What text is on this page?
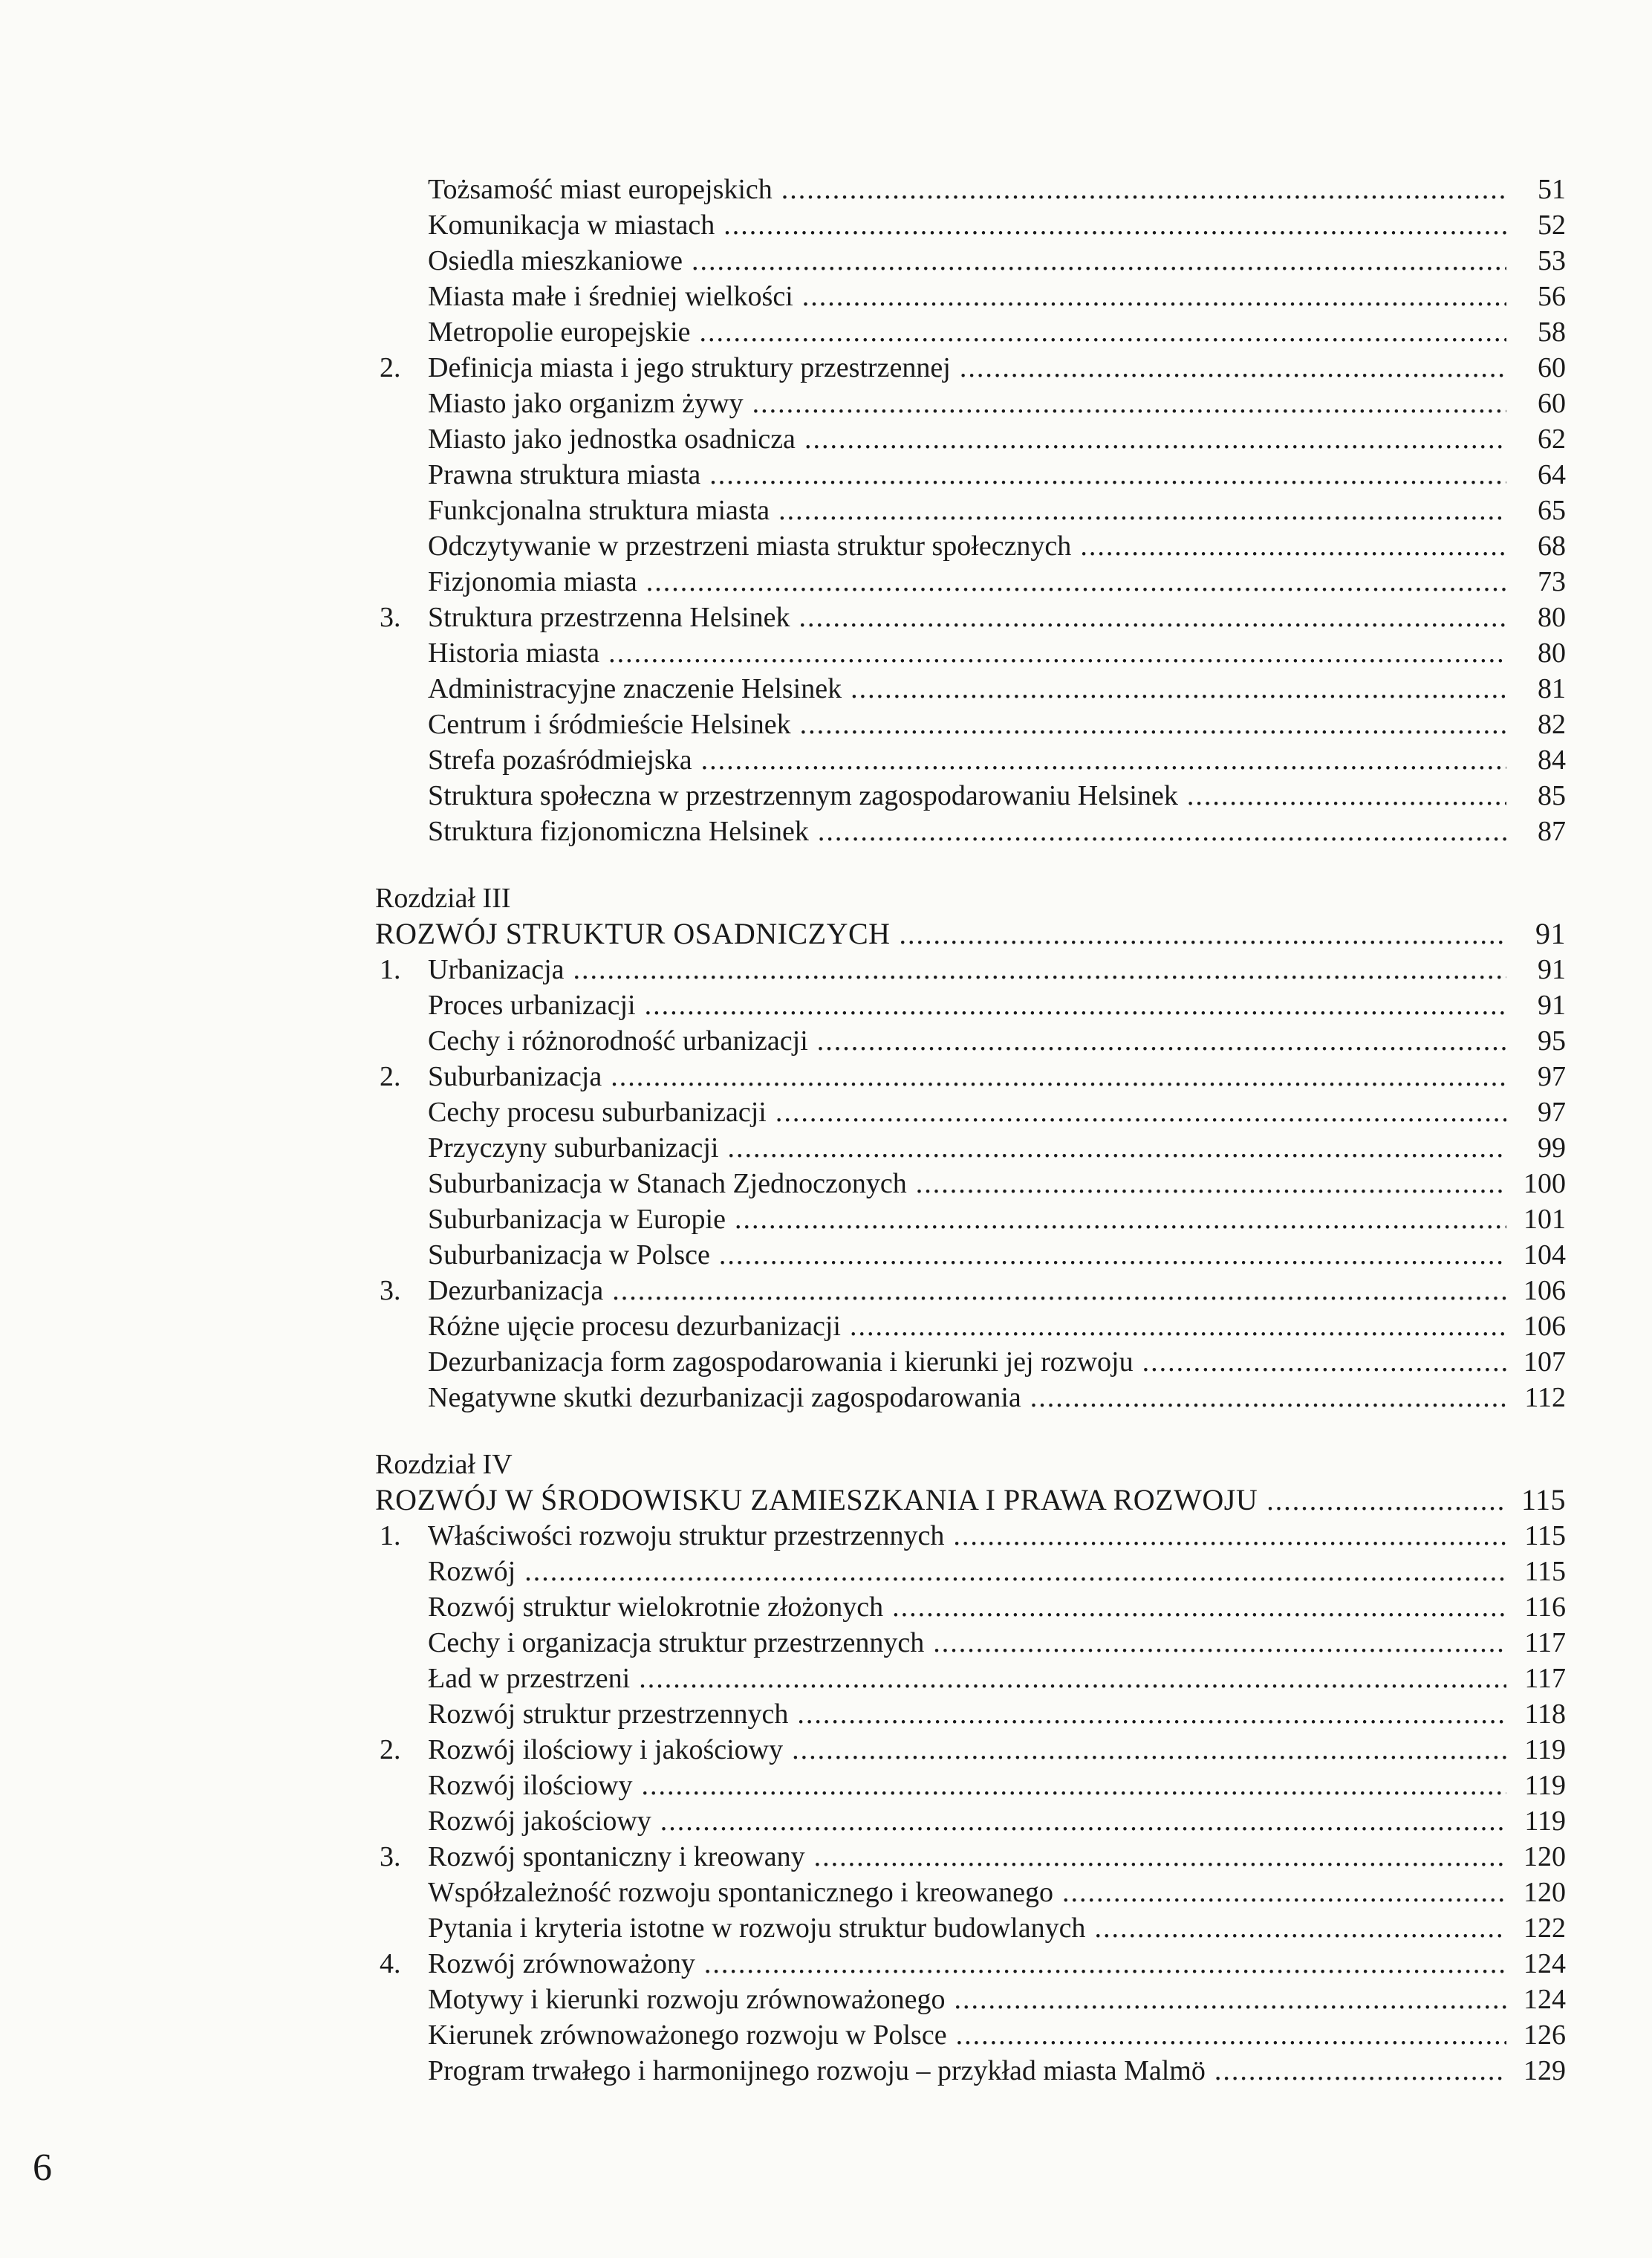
Tożsamość miast europejskich .....	51
Komunikacja w miastach .....	52
Osiedla mieszkaniowe .....	53
Miasta małe i średniej wielkości .....	56
Metropolie europejskie .....	58
2. Definicja miasta i jego struktury przestrzennej .....	60
Miasto jako organizm żywy .....	60
Miasto jako jednostka osadnicza .....	62
Prawna struktura miasta .....	64
Funkcjonalna struktura miasta .....	65
Odczytywanie w przestrzeni miasta struktur społecznych .....	68
Fizjonomia miasta .....	73
3. Struktura przestrzenna Helsinek .....	80
Historia miasta .....	80
Administracyjne znaczenie Helsinek .....	81
Centrum i śródmieście Helsinek .....	82
Strefa pozaśródmiejska .....	84
Struktura społeczna w przestrzennym zagospodarowaniu Helsinek .....	85
Struktura fizjonomiczna Helsinek .....	87
Rozdział III
ROZWÓJ STRUKTUR OSADNICZYCH .....	91
1. Urbanizacja .....	91
Proces urbanizacji .....	91
Cechy i różnorodność urbanizacji .....	95
2. Suburbanizacja .....	97
Cechy procesu suburbanizacji .....	97
Przyczyny suburbanizacji .....	99
Suburbanizacja w Stanach Zjednoczonych .....	100
Suburbanizacja w Europie .....	101
Suburbanizacja w Polsce .....	104
3. Dezurbanizacja .....	106
Różne ujęcie procesu dezurbanizacji .....	106
Dezurbanizacja form zagospodarowania i kierunki jej rozwoju .....	107
Negatywne skutki dezurbanizacji zagospodarowania .....	112
Rozdział IV
ROZWÓJ W ŚRODOWISKU ZAMIESZKANIA I PRAWA ROZWOJU .....	115
1. Właściwości rozwoju struktur przestrzennych .....	115
Rozwój .....	115
Rozwój struktur wielokrotnie złożonych .....	116
Cechy i organizacja struktur przestrzennych .....	117
Ład w przestrzeni .....	117
Rozwój struktur przestrzennych .....	118
2. Rozwój ilościowy i jakościowy .....	119
Rozwój ilościowy .....	119
Rozwój jakościowy .....	119
3. Rozwój spontaniczny i kreowany .....	120
Współzależność rozwoju spontanicznego i kreowanego .....	120
Pytania i kryteria istotne w rozwoju struktur budowlanych .....	122
4. Rozwój zrównoważony .....	124
Motywy i kierunki rozwoju zrównoważonego .....	124
Kierunek zrównoważonego rozwoju w Polsce .....	126
Program trwałego i harmonijnego rozwoju – przykład miasta Malmö .....	129
6
